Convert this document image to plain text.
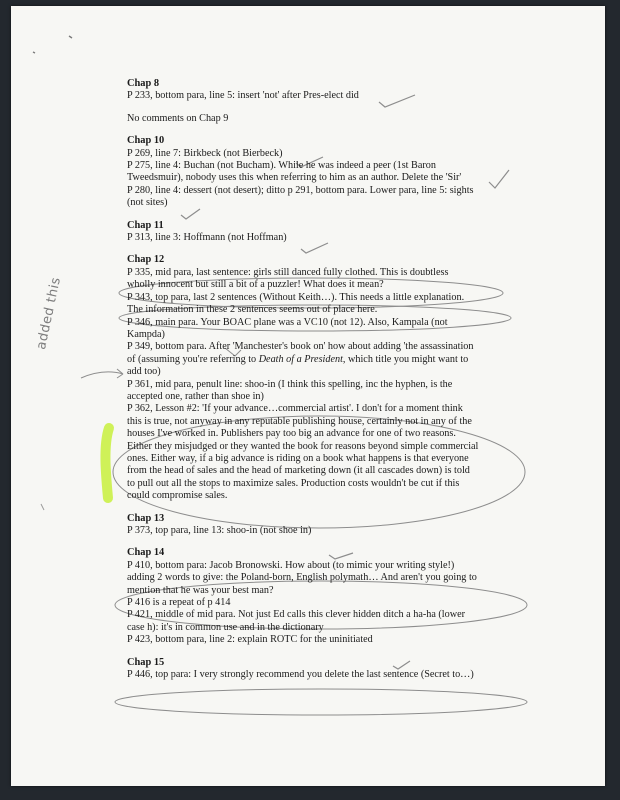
added this
Chap 8
P 233, bottom para, line 5: insert 'not' after Pres-elect did
No comments on Chap 9
Chap 10
P 269, line 7: Birkbeck (not Bierbeck)
P 275, line 4: Buchan (not Bucham). While he was indeed a peer (1st Baron
Tweedsmuir), nobody uses this when referring to him as an author. Delete the 'Sir'
P 280, line 4: dessert (not desert); ditto p 291, bottom para. Lower para, line 5: sights
(not sites)
Chap 11
P 313, line 3: Hoffmann (not Hoffman)
Chap 12
P 335, mid para, last sentence: girls still danced fully clothed. This is doubtless
wholly innocent but still a bit of a puzzler! What does it mean?
P 343, top para, last 2 sentences (Without Keith…). This needs a little explanation.
The information in these 2 sentences seems out of place here.
P 346, main para. Your BOAC plane was a VC10 (not 12). Also, Kampala (not
Kampda)
P 349, bottom para. After 'Manchester's book on' how about adding 'the assassination
of (assuming you're referring to Death of a President, which title you might want to
add too)
P 361, mid para, penult line: shoo-in (I think this spelling, inc the hyphen, is the
accepted one, rather than shoe in)
P 362, Lesson #2: 'If your advance…commercial artist'. I don't for a moment think
this is true, not anyway in any reputable publishing house, certainly not in any of the
houses I've worked in. Publishers pay too big an advance for one of two reasons.
Either they misjudged or they wanted the book for reasons beyond simple commercial
ones. Either way, if a big advance is riding on a book what happens is that everyone
from the head of sales and the head of marketing down (it all cascades down) is told
to pull out all the stops to maximize sales. Production costs wouldn't be cut if this
could compromise sales.
Chap 13
P 373, top para, line 13: shoo-in (not shoe in)
Chap 14
P 410, bottom para: Jacob Bronowski. How about (to mimic your writing style!)
adding 2 words to give: the Poland-born, English polymath… And aren't you going to
mention that he was your best man?
P 416 is a repeat of p 414
P 421, middle of mid para. Not just Ed calls this clever hidden ditch a ha-ha (lower
case h): it's in common use and in the dictionary
P 423, bottom para, line 2: explain ROTC for the uninitiated
Chap 15
P 446, top para: I very strongly recommend you delete the last sentence (Secret to…)
